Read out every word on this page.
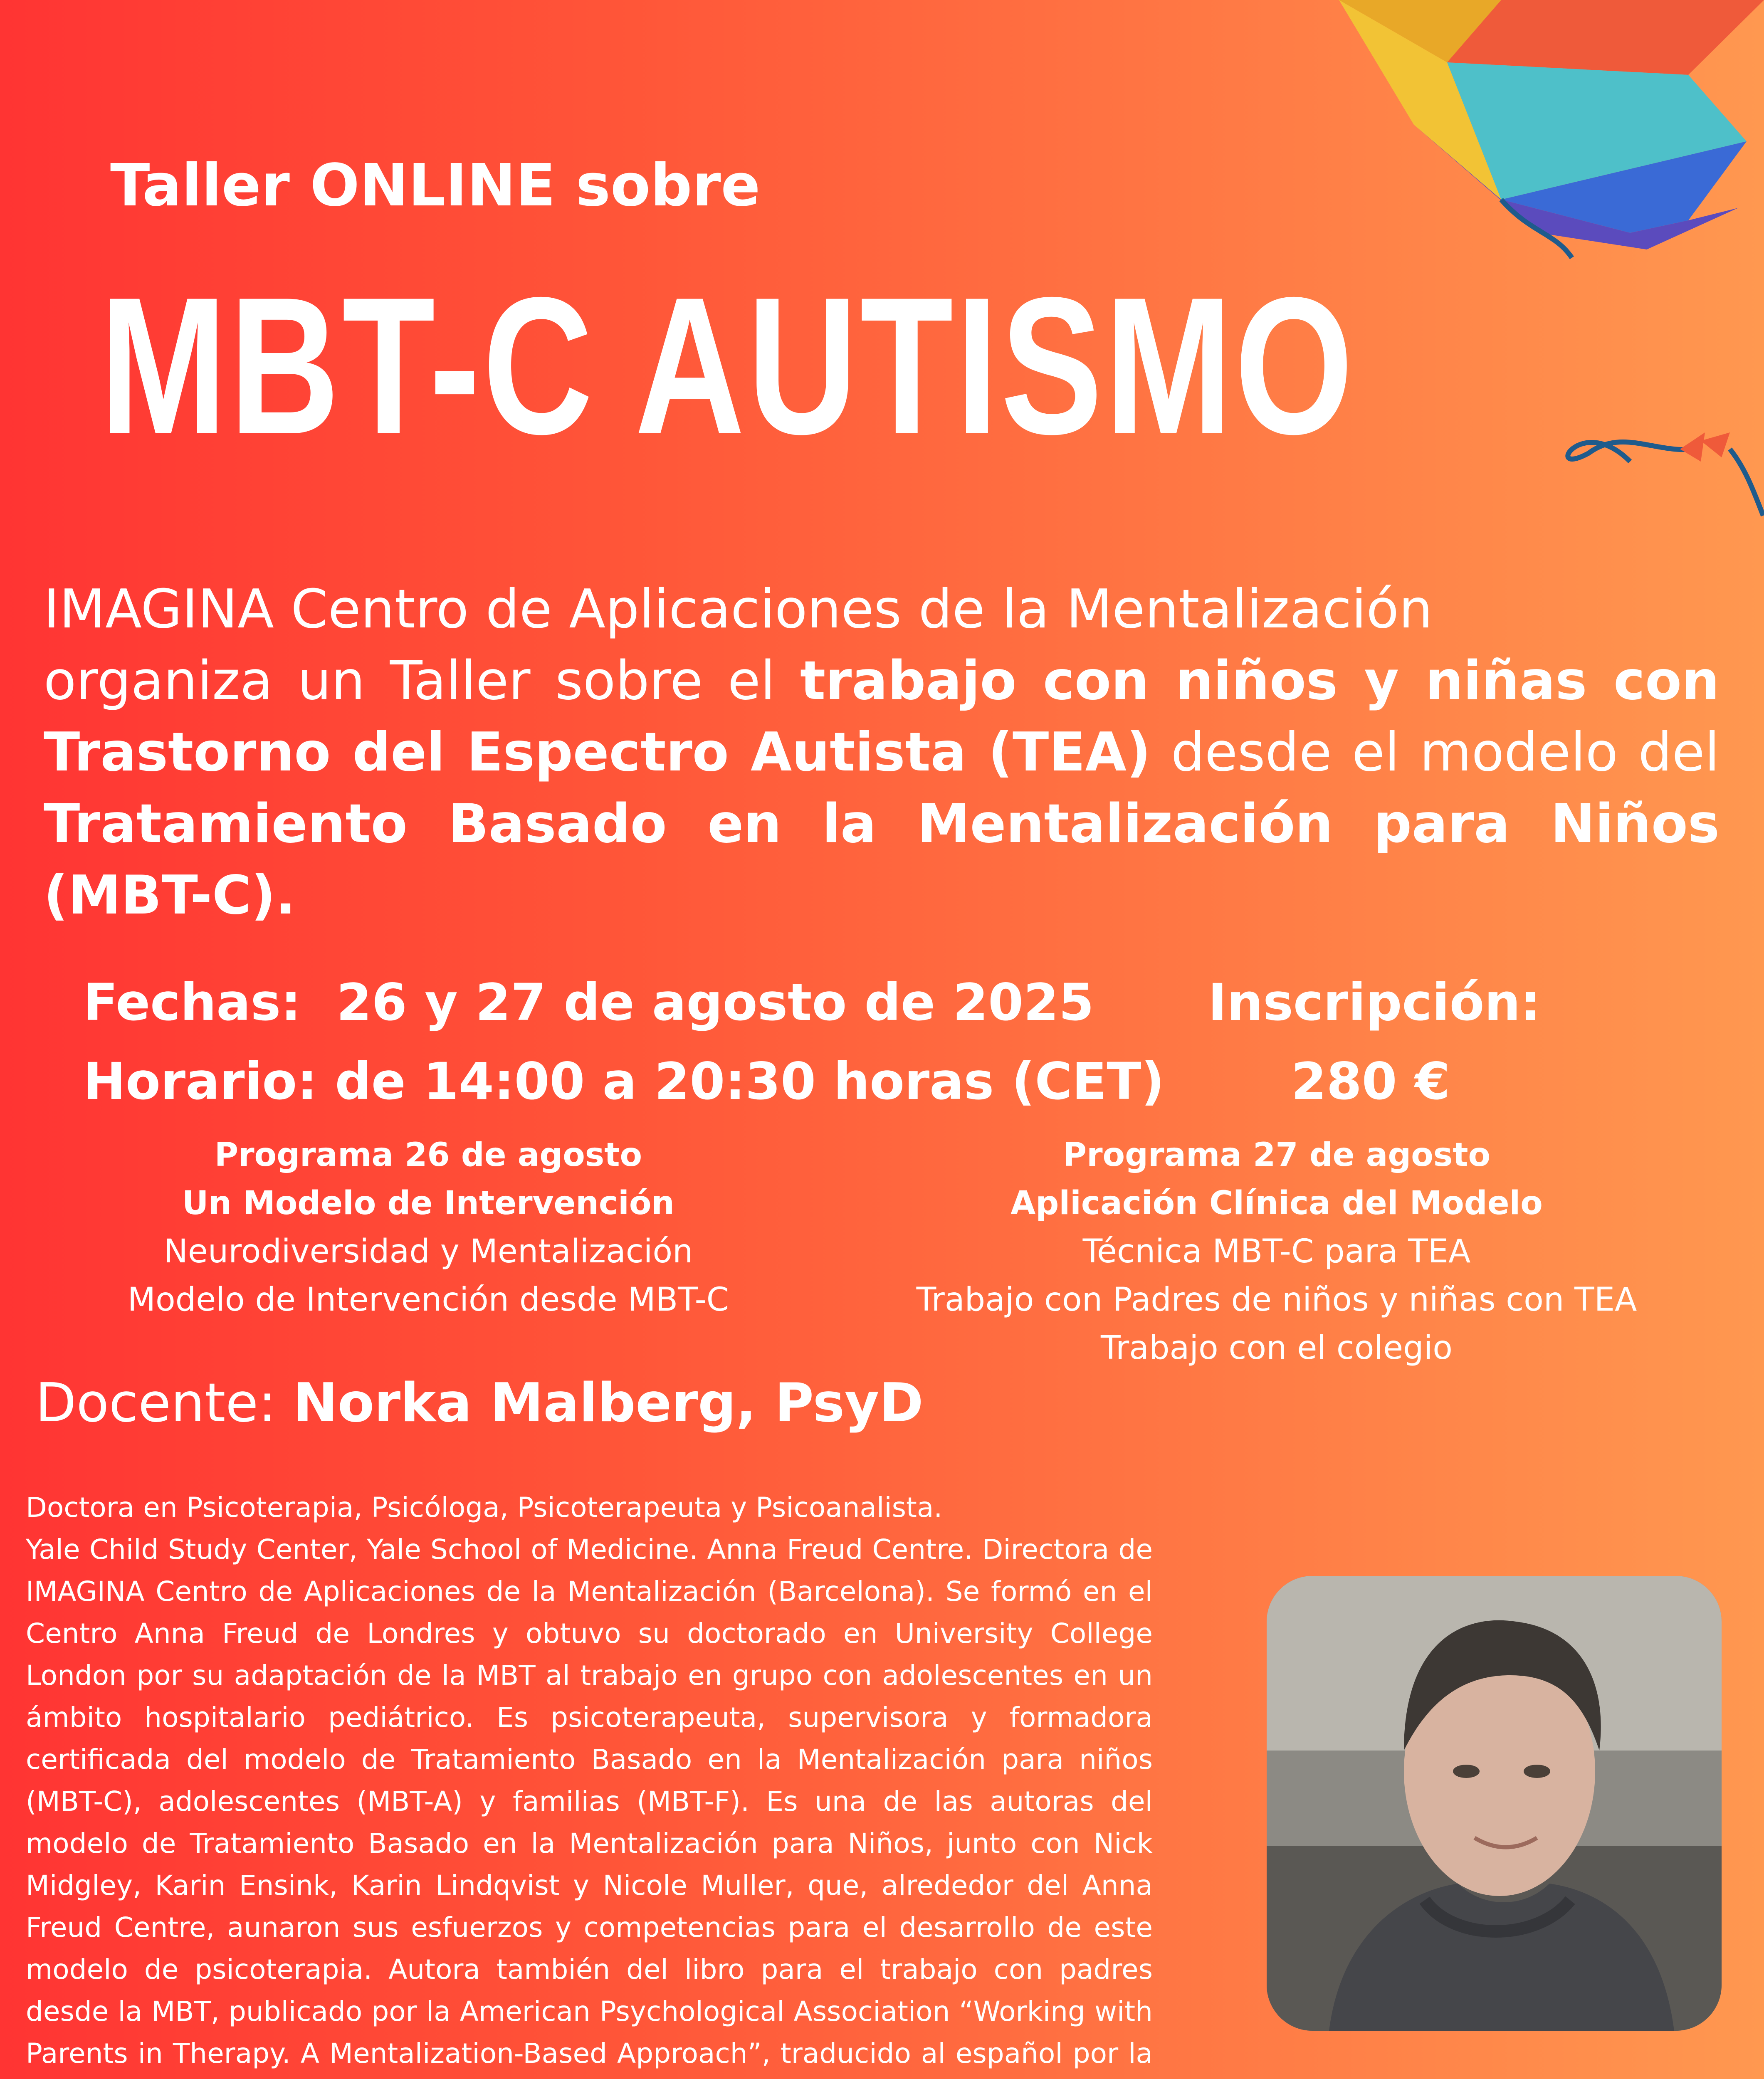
Taller ONLINE sobre
MBT-C AUTISMO
IMAGINA Centro de Aplicaciones de la Mentalización
organiza un Taller sobre el trabajo con niños y niñas con Trastorno del Espectro Autista (TEA) desde el modelo del Tratamiento Basado en la Mentalización para Niños (MBT-C).
Fechas: 26 y 27 de agosto de 2025
Horario: de 14:00 a 20:30 horas (CET)
Inscripción:
280 €
Programa 26 de agosto
Un Modelo de Intervención
Neurodiversidad y Mentalización
Modelo de Intervención desde MBT-C
Programa 27 de agosto
Aplicación Clínica del Modelo
Técnica MBT-C para TEA
Trabajo con Padres de niños y niñas con TEA
Trabajo con el colegio
Docente: Norka Malberg, PsyD
Doctora en Psicoterapia, Psicóloga, Psicoterapeuta y Psicoanalista.
Yale Child Study Center, Yale School of Medicine. Anna Freud Centre. Directora de IMAGINA Centro de Aplicaciones de la Mentalización (Barcelona). Se formó en el Centro Anna Freud de Londres y obtuvo su doctorado en University College London por su adaptación de la MBT al trabajo en grupo con adolescentes en un ámbito hospitalario pediátrico. Es psicoterapeuta, supervisora y formadora certificada del modelo de Tratamiento Basado en la Mentalización para niños (MBT-C), adolescentes (MBT-A) y familias (MBT-F). Es una de las autoras del modelo de Tratamiento Basado en la Mentalización para Niños, junto con Nick Midgley, Karin Ensink, Karin Lindqvist y Nicole Muller, que, alrededor del Anna Freud Centre, aunaron sus esfuerzos y competencias para el desarrollo de este modelo de psicoterapia. Autora también del libro para el trabajo con padres desde la MBT, publicado por la American Psychological Association “Working with Parents in Therapy. A Mentalization-Based Approach”, traducido al español por la
